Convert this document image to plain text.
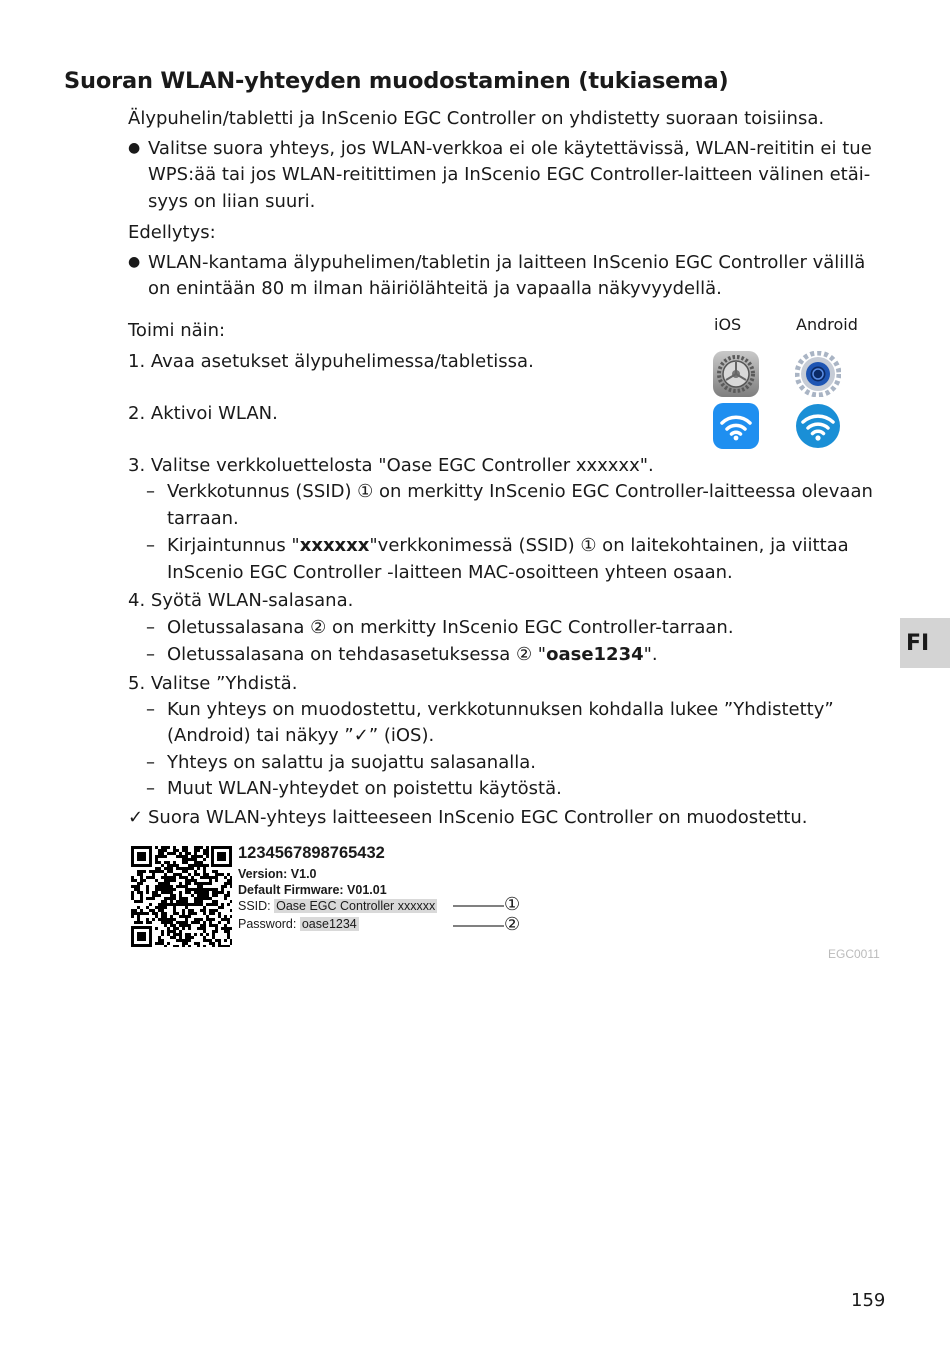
Suoran WLAN-yhteyden muodostaminen (tukiasema)
Älypuhelin/tabletti ja InScenio EGC Controller on yhdistetty suoraan toisiinsa.
● Valitse suora yhteys, jos WLAN-verkkoa ei ole käytettävissä, WLAN-reititin ei tue
WPS:ää tai jos WLAN-reitittimen ja InScenio EGC Controller-laitteen välinen etäi-
syys on liian suuri.
Edellytys:
● WLAN-kantama älypuhelimen/tabletin ja laitteen InScenio EGC Controller välillä
on enintään 80 m ilman häiriölähteitä ja vapaalla näkyvyydellä.
Toimi näin:	iOS	Android
1. Avaa asetukset älypuhelimessa/tabletissa.
2. Aktivoi WLAN.
3. Valitse verkkoluettelosta "Oase EGC Controller xxxxxx".
– Verkkotunnus (SSID) ① on merkitty InScenio EGC Controller-laitteessa olevaan
tarraan.
– Kirjaintunnus "xxxxxx"verkkonimessä (SSID) ① on laitekohtainen, ja viittaa
InScenio EGC Controller -laitteen MAC-osoitteen yhteen osaan.
4. Syötä WLAN-salasana.
– Oletussalasana ② on merkitty InScenio EGC Controller-tarraan.
– Oletussalasana on tehdasasetuksessa ② "oase1234".	FI
5. Valitse ”Yhdistä.
– Kun yhteys on muodostettu, verkkotunnuksen kohdalla lukee ”Yhdistetty”
(Android) tai näkyy ”✓” (iOS).
– Yhteys on salattu ja suojattu salasanalla.
– Muut WLAN-yhteydet on poistettu käytöstä.
✓ Suora WLAN-yhteys laitteeseen InScenio EGC Controller on muodostettu.
1234567898765432
Version: V1.0
Default Firmware: V01.01
SSID: Oase EGC Controller xxxxxx
Password: oase1234
①
②
EGC0011
159
